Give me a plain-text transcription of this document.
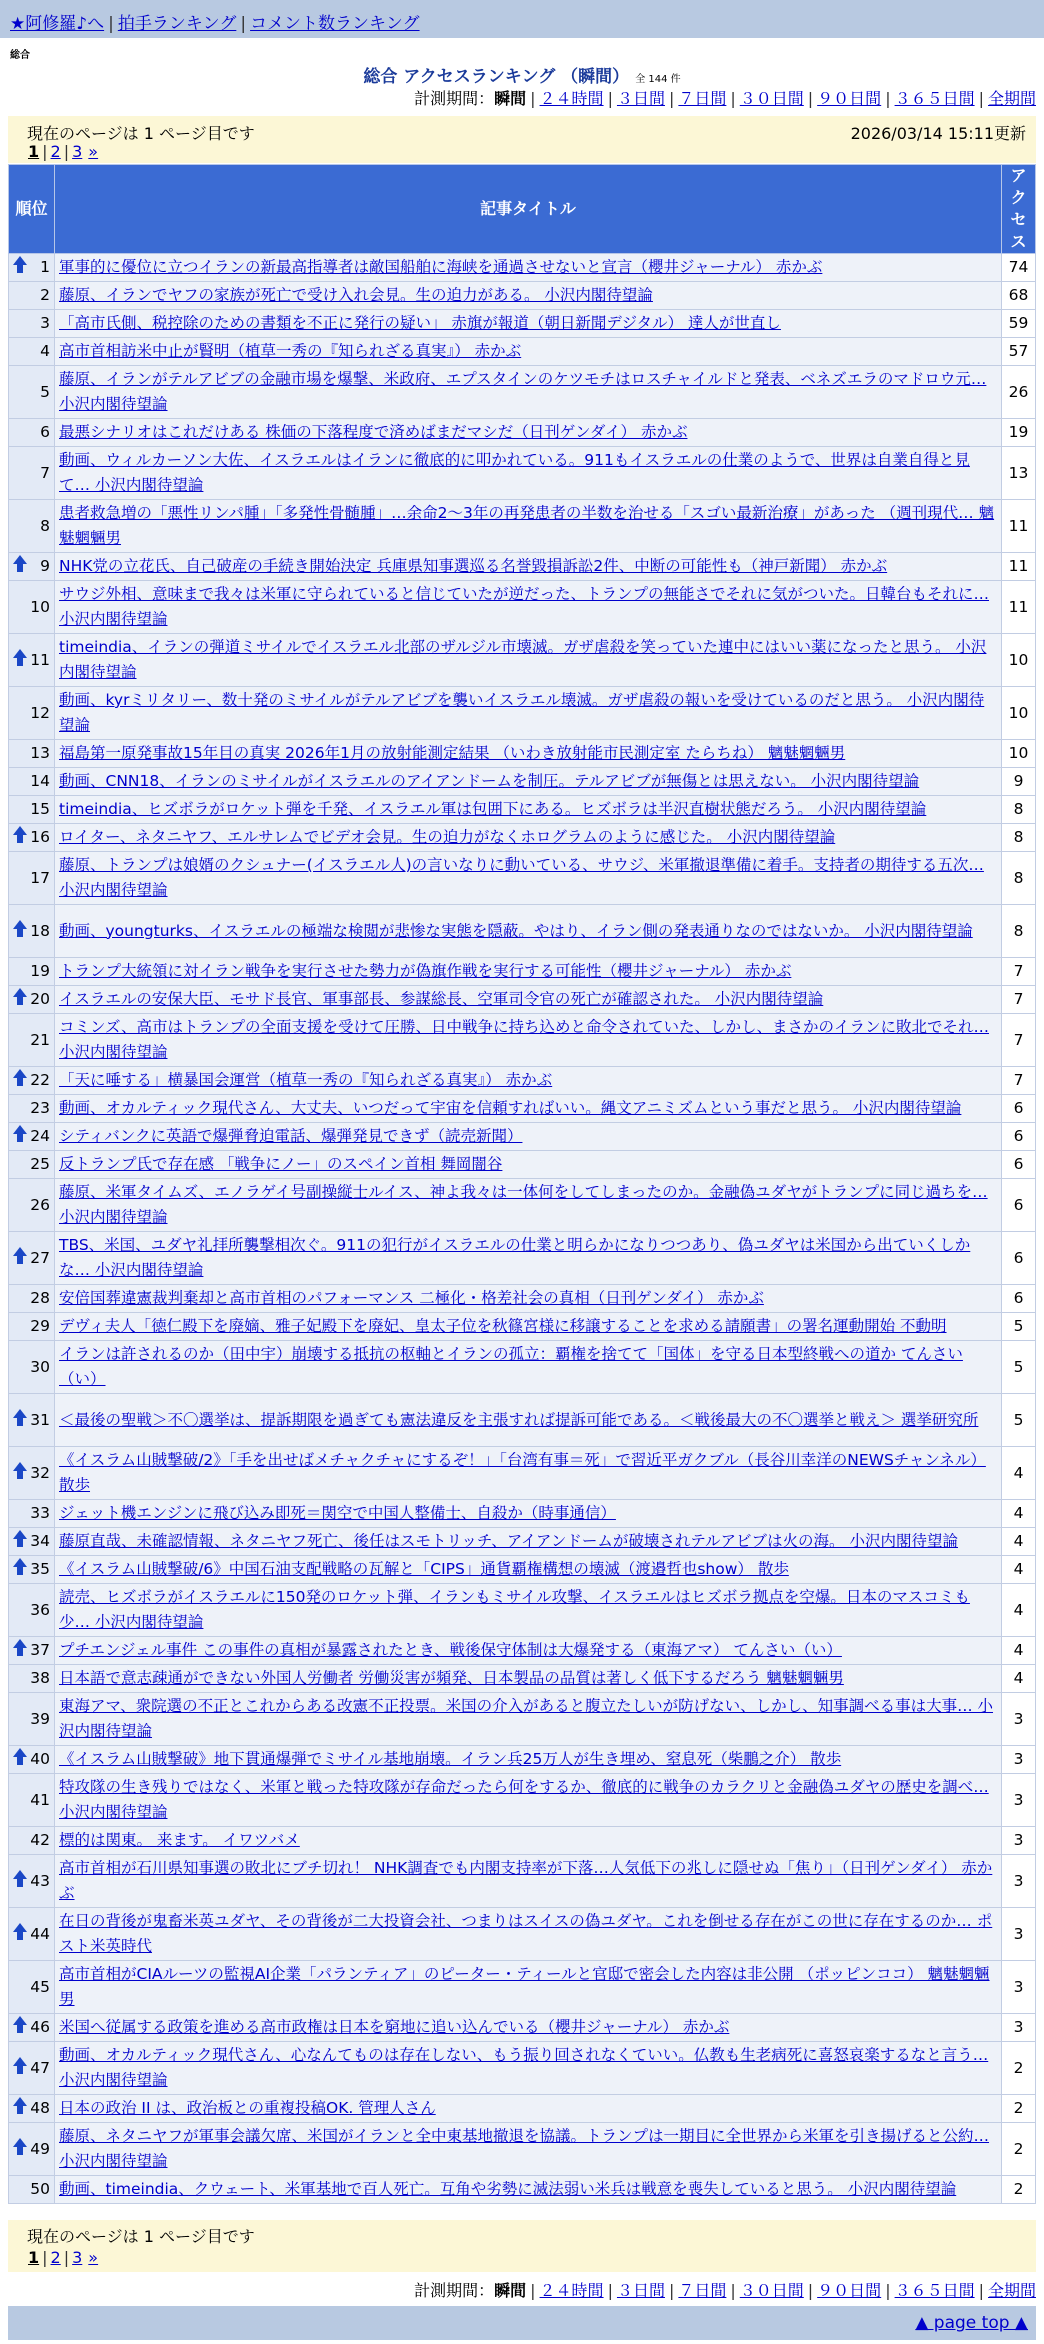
★阿修羅♪へ | 拍手ランキング | コメント数ランキング
総合
総合 アクセスランキング （瞬間） 全 144 件
計測期間：瞬間 | ２４時間 | ３日間 | ７日間 | ３０日間 | ９０日間 | ３６５日間 | 全期間
現在のページは 1 ページ目です	2026/03/14 15:11更新
1 | 2 | 3 »
順位	記事タイトル	アクセス

1	軍事的に優位に立つイランの新最高指導者は敵国船舶に海峡を通過させないと宣言（櫻井ジャーナル） 赤かぶ	74
2	藤原、イランでヤフの家族が死亡で受け入れ会見。生の迫力がある。 小沢内閣待望論	68
3	「高市氏側、税控除のための書類を不正に発行の疑い」 赤旗が報道（朝日新聞デジタル） 達人が世直し	59
4	高市首相訪米中止が賢明（植草一秀の『知られざる真実』） 赤かぶ	57
5	藤原、イランがテルアビブの金融市場を爆撃、米政府、エプスタインのケツモチはロスチャイルドと発表、ベネズエラのマドロウ元… 小沢内閣待望論	26
6	最悪シナリオはこれだけある 株価の下落程度で済めばまだマシだ（日刊ゲンダイ） 赤かぶ	19
7	動画、ウィルカーソン大佐、イスラエルはイランに徹底的に叩かれている。911もイスラエルの仕業のようで、世界は自業自得と見て… 小沢内閣待望論	13
8	患者救急増の「悪性リンパ腫」「多発性骨髄腫」…余命2〜3年の再発患者の半数を治せる「スゴい最新治療」があった （週刊現代… 魑魅魍魎男	11

9	NHK党の立花氏、自己破産の手続き開始決定 兵庫県知事選巡る名誉毀損訴訟2件、中断の可能性も（神戸新聞） 赤かぶ	11
10	サウジ外相、意味まで我々は米軍に守られていると信じていたが逆だった、トランプの無能さでそれに気がついた。日韓台もそれに… 小沢内閣待望論	11

11	timeindia、イランの弾道ミサイルでイスラエル北部のザルジル市壊滅。ガザ虐殺を笑っていた連中にはいい薬になったと思う。 小沢内閣待望論	10
12	動画、kyrミリタリー、数十発のミサイルがテルアビブを襲いイスラエル壊滅。ガザ虐殺の報いを受けているのだと思う。 小沢内閣待望論	10
13	福島第一原発事故15年目の真実 2026年1月の放射能測定結果 （いわき放射能市民測定室 たらちね） 魑魅魍魎男	10
14	動画、CNN18、イランのミサイルがイスラエルのアイアンドームを制圧。テルアビブが無傷とは思えない。 小沢内閣待望論	9
15	timeindia、ヒズボラがロケット弾を千発、イスラエル軍は包囲下にある。ヒズボラは半沢直樹状態だろう。 小沢内閣待望論	8

16	ロイター、ネタニヤフ、エルサレムでビデオ会見。生の迫力がなくホログラムのように感じた。 小沢内閣待望論	8
17	藤原、トランプは娘婿のクシュナー(イスラエル人)の言いなりに動いている、サウジ、米軍撤退準備に着手。支持者の期待する五次… 小沢内閣待望論	8

18	動画、youngturks、イスラエルの極端な検閲が悲惨な実態を隠蔽。やはり、イラン側の発表通りなのではないか。 小沢内閣待望論	8
19	トランプ大統領に対イラン戦争を実行させた勢力が偽旗作戦を実行する可能性（櫻井ジャーナル） 赤かぶ	7

20	イスラエルの安保大臣、モサド長官、軍事部長、参謀総長、空軍司令官の死亡が確認された。 小沢内閣待望論	7
21	コミンズ、高市はトランプの全面支援を受けて圧勝、日中戦争に持ち込めと命令されていた、しかし、まさかのイランに敗北でそれ… 小沢内閣待望論	7

22	「天に唾する」横暴国会運営（植草一秀の『知られざる真実』） 赤かぶ	7
23	動画、オカルティック現代さん、大丈夫、いつだって宇宙を信頼すればいい。縄文アニミズムという事だと思う。 小沢内閣待望論	6

24	シティバンクに英語で爆弾脅迫電話、爆弾発見できず（読売新聞）	6
25	反トランプ氏で存在感 「戦争にノー」のスペイン首相 舞岡闇谷	6
26	藤原、米軍タイムズ、エノラゲイ号副操縦士ルイス、神よ我々は一体何をしてしまったのか。金融偽ユダヤがトランプに同じ過ちを… 小沢内閣待望論	6

27	TBS、米国、ユダヤ礼拝所襲撃相次ぐ。911の犯行がイスラエルの仕業と明らかになりつつあり、偽ユダヤは米国から出ていくしかな… 小沢内閣待望論	6
28	安倍国葬違憲裁判棄却と高市首相のパフォーマンス 二極化・格差社会の真相（日刊ゲンダイ） 赤かぶ	6
29	デヴィ夫人「徳仁殿下を廃嫡、雅子妃殿下を廃妃、皇太子位を秋篠宮様に移譲することを求める請願書」の署名運動開始 不動明	5
30	イランは許されるのか（田中宇）崩壊する抵抗の枢軸とイランの孤立：覇権を捨てて「国体」を守る日本型終戦への道か てんさい（い）	5

31	＜最後の聖戦＞不〇選挙は、提訴期限を過ぎても憲法違反を主張すれば提訴可能である。＜戦後最大の不〇選挙と戦え＞ 選挙研究所	5

32	《イスラム山賊撃破/2》「手を出せばメチャクチャにするぞ！」「台湾有事＝死」で習近平ガクブル（長谷川幸洋のNEWSチャンネル） 散歩	4
33	ジェット機エンジンに飛び込み即死＝関空で中国人整備士、自殺か（時事通信）	4

34	藤原直哉、未確認情報、ネタニヤフ死亡、後任はスモトリッチ、アイアンドームが破壊されテルアビブは火の海。 小沢内閣待望論	4

35	《イスラム山賊撃破/6》中国石油支配戦略の瓦解と「CIPS」通貨覇権構想の壊滅（渡邉哲也show） 散歩	4
36	読売、ヒズボラがイスラエルに150発のロケット弾、イランもミサイル攻撃、イスラエルはヒズボラ拠点を空爆。日本のマスコミも少… 小沢内閣待望論	4

37	プチエンジェル事件 この事件の真相が暴露されたとき、戦後保守体制は大爆発する（東海アマ） てんさい（い）	4
38	日本語で意志疎通ができない外国人労働者 労働災害が頻発、日本製品の品質は著しく低下するだろう 魑魅魍魎男	4
39	東海アマ、衆院選の不正とこれからある改憲不正投票。米国の介入があると腹立たしいが防げない、しかし、知事調べる事は大事… 小沢内閣待望論	3

40	《イスラム山賊撃破》地下貫通爆弾でミサイル基地崩壊。イラン兵25万人が生き埋め、窒息死（柴鵬之介） 散歩	3
41	特攻隊の生き残りではなく、米軍と戦った特攻隊が存命だったら何をするか、徹底的に戦争のカラクリと金融偽ユダヤの歴史を調べ… 小沢内閣待望論	3
42	標的は関東。 来ます。 イワツバメ	3

43	高市首相が石川県知事選の敗北にブチ切れ！ NHK調査でも内閣支持率が下落…人気低下の兆しに隠せぬ「焦り」（日刊ゲンダイ） 赤かぶ	3

44	在日の背後が鬼畜米英ユダヤ、その背後が二大投資会社、つまりはスイスの偽ユダヤ。これを倒せる存在がこの世に存在するのか… ポスト米英時代	3
45	高市首相がCIAルーツの監視AI企業「パランティア」のピーター・ティールと官邸で密会した内容は非公開 （ポッピンココ） 魑魅魍魎男	3

46	米国へ従属する政策を進める高市政権は日本を窮地に追い込んでいる（櫻井ジャーナル） 赤かぶ	3

47	動画、オカルティック現代さん、心なんてものは存在しない、もう振り回されなくていい。仏教も生老病死に喜怒哀楽するなと言う… 小沢内閣待望論	2

48	日本の政治 II は、政治板との重複投稿OK. 管理人さん	2

49	藤原、ネタニヤフが軍事会議欠席、米国がイランと全中東基地撤退を協議。トランプは一期目に全世界から米軍を引き揚げると公約… 小沢内閣待望論	2
50	動画、timeindia、クウェート、米軍基地で百人死亡。互角や劣勢に滅法弱い米兵は戦意を喪失していると思う。 小沢内閣待望論	2
現在のページは 1 ページ目です
1 | 2 | 3 »
計測期間：瞬間 | ２４時間 | ３日間 | ７日間 | ３０日間 | ９０日間 | ３６５日間 | 全期間
▲ page top ▲
